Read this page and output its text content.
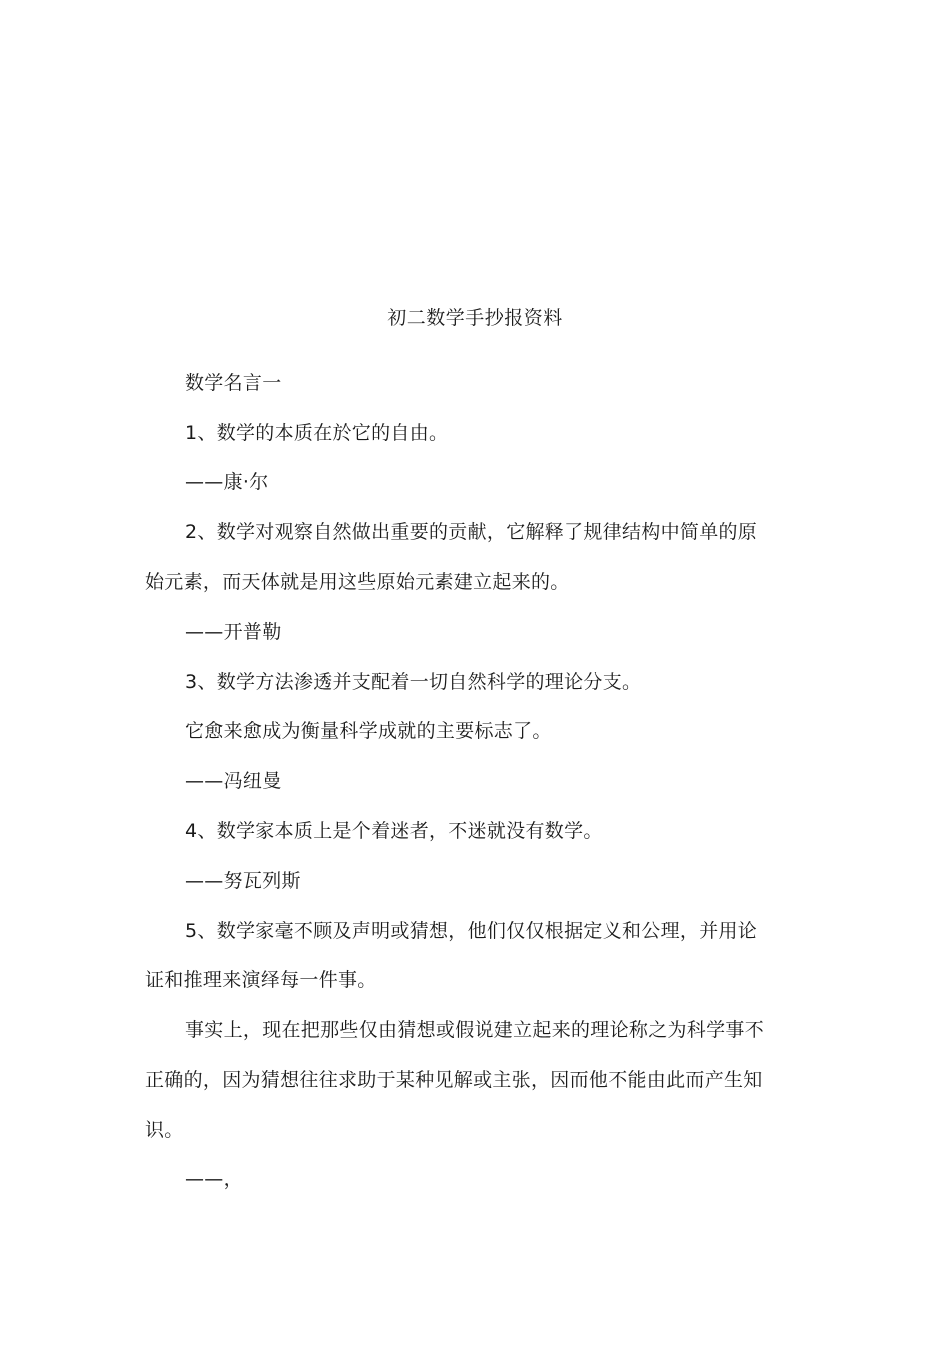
初二数学手抄报资料
数学名言一
1、数学的本质在於它的自由。
——康·尔
2、数学对观察自然做出重要的贡献，它解释了规律结构中简单的原
始元素，而天体就是用这些原始元素建立起来的。
——开普勒
3、数学方法渗透并支配着一切自然科学的理论分支。
它愈来愈成为衡量科学成就的主要标志了。
——冯纽曼
4、数学家本质上是个着迷者，不迷就没有数学。
——努瓦列斯
5、数学家毫不顾及声明或猜想，他们仅仅根据定义和公理，并用论
证和推理来演绎每一件事。
事实上，现在把那些仅由猜想或假说建立起来的理论称之为科学事不
正确的，因为猜想往往求助于某种见解或主张，因而他不能由此而产生知
识。
——，
